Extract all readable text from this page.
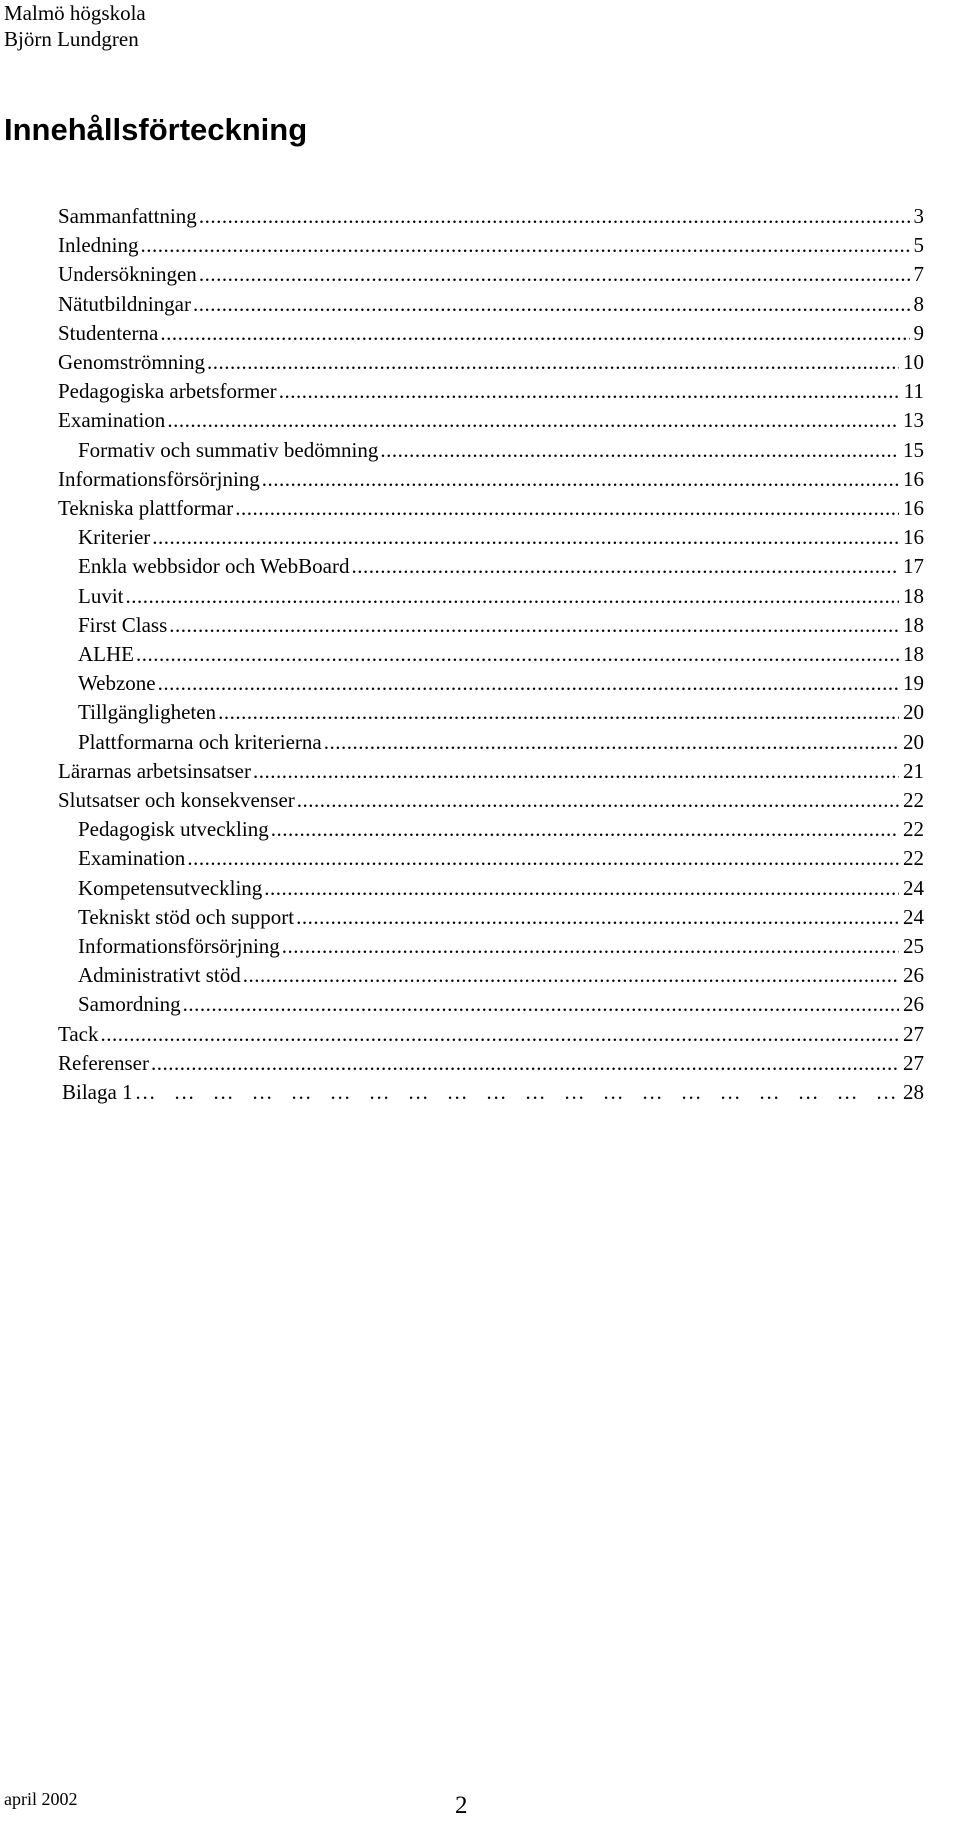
Malmö högskola
Björn Lundgren
Innehållsförteckning
Sammanfattning .....	3
Inledning .....	5
Undersökningen .....	7
Nätutbildningar .....	8
Studenterna .....	9
Genomströmning .....	10
Pedagogiska arbetsformer .....	11
Examination .....	13
Formativ och summativ bedömning .....	15
Informationsförsörjning .....	16
Tekniska plattformar .....	16
Kriterier .....	16
Enkla webbsidor och WebBoard .....	17
Luvit .....	18
First Class .....	18
ALHE .....	18
Webzone .....	19
Tillgängligheten .....	20
Plattformarna och kriterierna .....	20
Lärarnas arbetsinsatser .....	21
Slutsatser och konsekvenser .....	22
Pedagogisk utveckling .....	22
Examination .....	22
Kompetensutveckling .....	24
Tekniskt stöd och support .....	24
Informationsförsörjning .....	25
Administrativt stöd .....	26
Samordning .....	26
Tack .....	27
Referenser .....	27
Bilaga 1 ………………………………………………………………………………	28
april 2002	2
